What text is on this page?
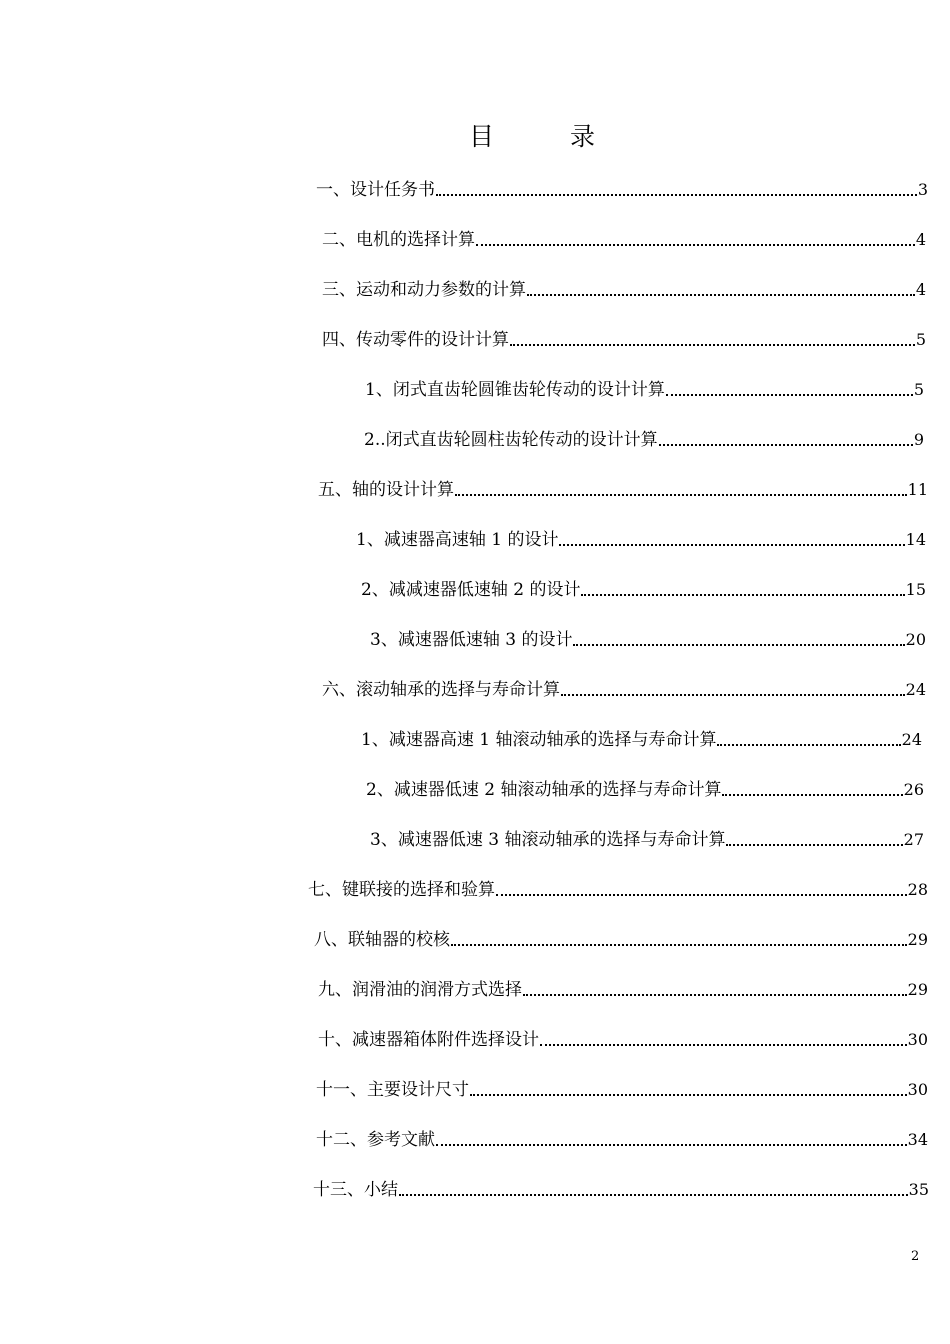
目	录
一、设计任务书	3
二、电机的选择计算	4
三、运动和动力参数的计算	4
四、传动零件的设计计算	5
1、闭式直齿轮圆锥齿轮传动的设计计算	5
2..闭式直齿轮圆柱齿轮传动的设计计算	9
五、轴的设计计算	11
1、减速器高速轴 1 的设计	14
2、减减速器低速轴 2 的设计	15
3、减速器低速轴 3 的设计	20
六、滚动轴承的选择与寿命计算	24
1、减速器高速 1 轴滚动轴承的选择与寿命计算	24
2、减速器低速 2 轴滚动轴承的选择与寿命计算	26
3、减速器低速 3 轴滚动轴承的选择与寿命计算	27
七、键联接的选择和验算	28
八、联轴器的校核	29
九、润滑油的润滑方式选择	29
十、减速器箱体附件选择设计	30
十一、主要设计尺寸	30
十二、参考文献	34
十三、小结	35
2
